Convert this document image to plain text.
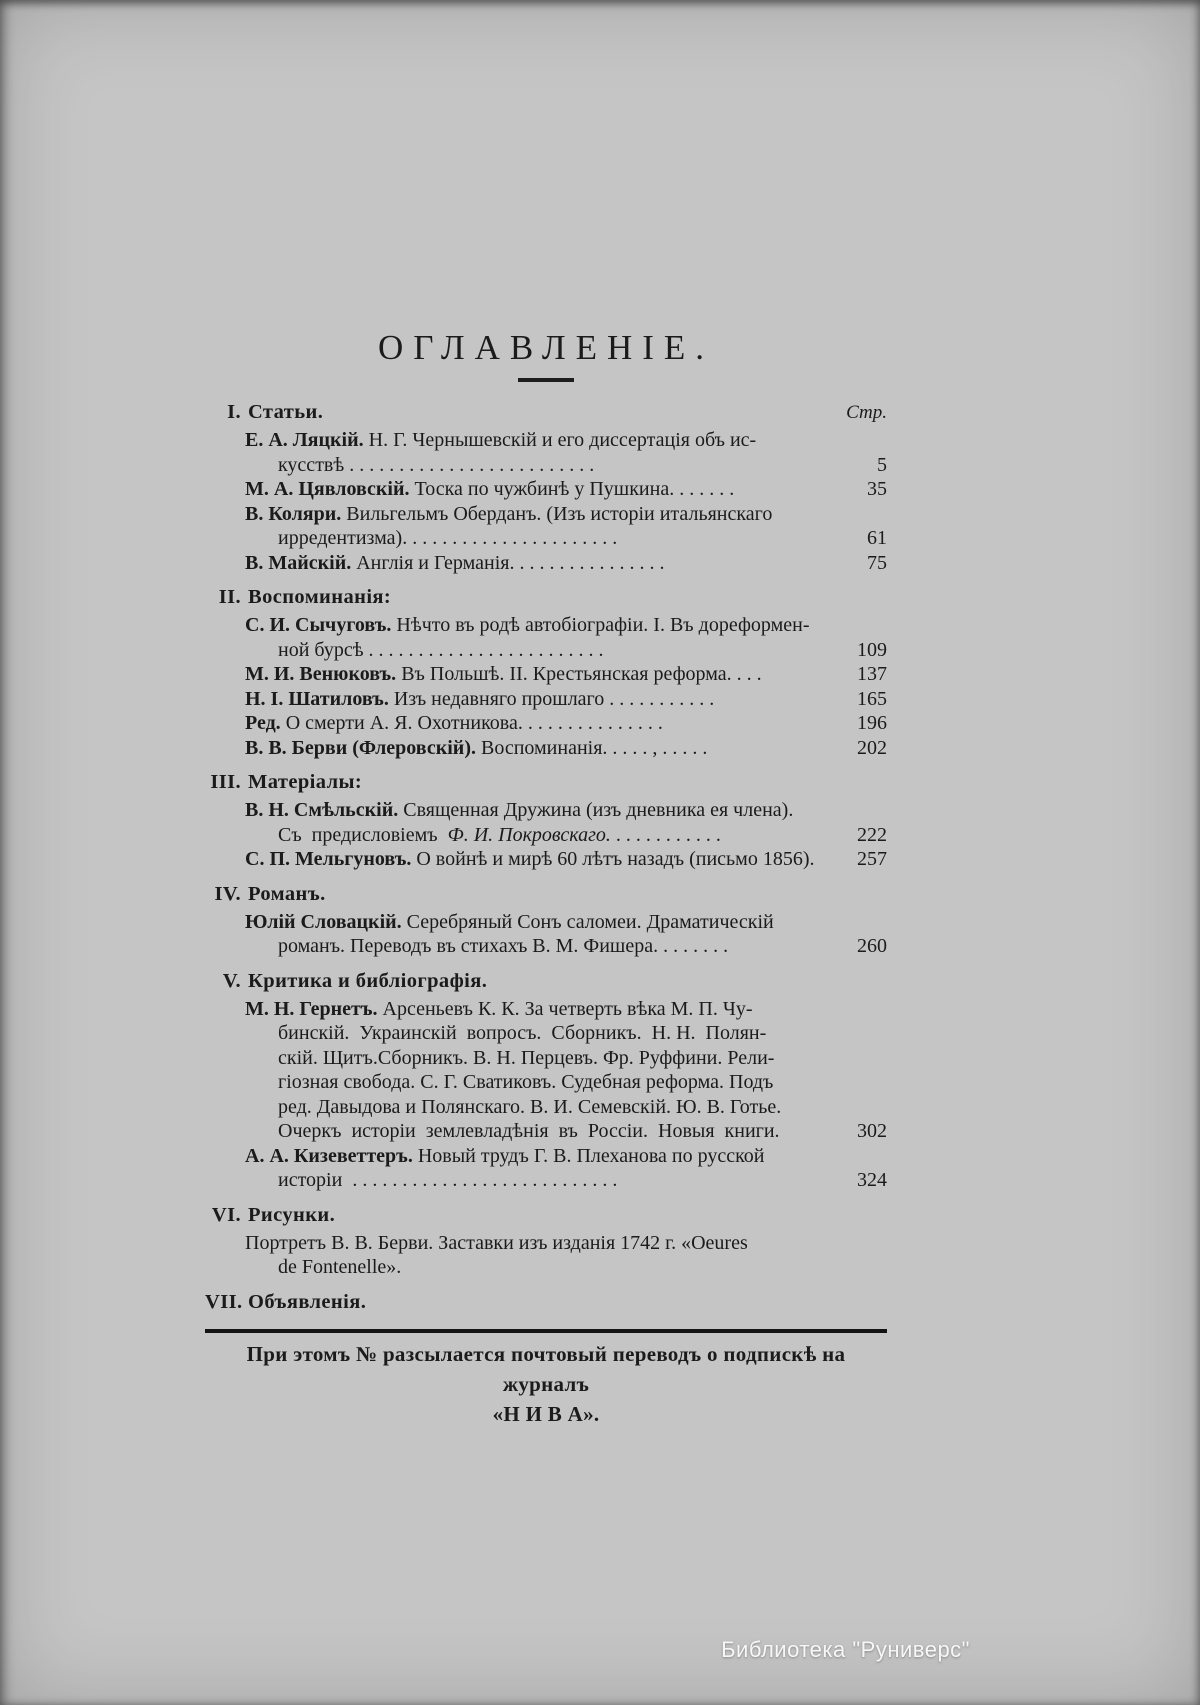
ОГЛАВЛЕНІЕ.
I. Статьи.	Стр.
Е. А. Ляцкій. Н. Г. Чернышевскій и его диссертація объ ис-
кусствѣ . . . . . . . . . . . . . . . . . . . . . . . . .	5
М. А. Цявловскій. Тоска по чужбинѣ у Пушкина. . . . . . .	35
В. Коляри. Вильгельмъ Оберданъ. (Изъ исторіи итальянскаго
ирредентизма). . . . . . . . . . . . . . . . . . . . . .	61
В. Майскій. Англія и Германія. . . . . . . . . . . . . . . .	75
II. Воспоминанія:
С. И. Сычуговъ. Нѣчто въ родѣ автобіографіи. I. Въ дореформен-
ной бурсѣ . . . . . . . . . . . . . . . . . . . . . . . .	109
М. И. Венюковъ. Въ Польшѣ. II. Крестьянская реформа. . . .	137
Н. І. Шатиловъ. Изъ недавняго прошлаго . . . . . . . . . . .	165
Ред. О смерти А. Я. Охотникова. . . . . . . . . . . . . . .	196
В. В. Берви (Флеровскій). Воспоминанія. . . . . , . . . . .	202
III. Матеріалы:
В. Н. Смѣльскій. Священная Дружина (изъ дневника ея члена).
Съ  предисловіемъ  Ф. И. Покровскаго. . . . . . . . . . . .	222
С. П. Мельгуновъ. О войнѣ и мирѣ 60 лѣтъ назадъ (письмо 1856).	257
IV. Романъ.
Юлій Словацкій. Серебряный Сонъ саломеи. Драматическій
романъ. Переводъ въ стихахъ В. М. Фишера. . . . . . . .	260
V. Критика и библіографія.
М. Н. Гернетъ. Арсеньевъ К. К. За четверть вѣка М. П. Чу-
бинскій.  Украинскій  вопросъ.  Сборникъ.  Н. Н.  Полян-
скій. Щитъ.Сборникъ. В. Н. Перцевъ. Фр. Руффини. Рели-
гіозная свобода. С. Г. Сватиковъ. Судебная реформа. Подъ
ред. Давыдова и Полянскаго. В. И. Семевскій. Ю. В. Готье.
Очеркъ  исторіи  землевладѣнія  въ  Россіи.  Новыя  книги.	302
А. А. Кизеветтеръ. Новый трудъ Г. В. Плеханова по русской
исторіи  . . . . . . . . . . . . . . . . . . . . . . . . . . .	324
VI. Рисунки.
Портретъ В. В. Берви. Заставки изъ изданія 1742 г. «Oeures
de Fontenelle».
VII. Объявленія.
При этомъ № разсылается почтовый переводъ о подпискѣ на журналъ
«Н И В А».
Библиотека "Руниверс"
